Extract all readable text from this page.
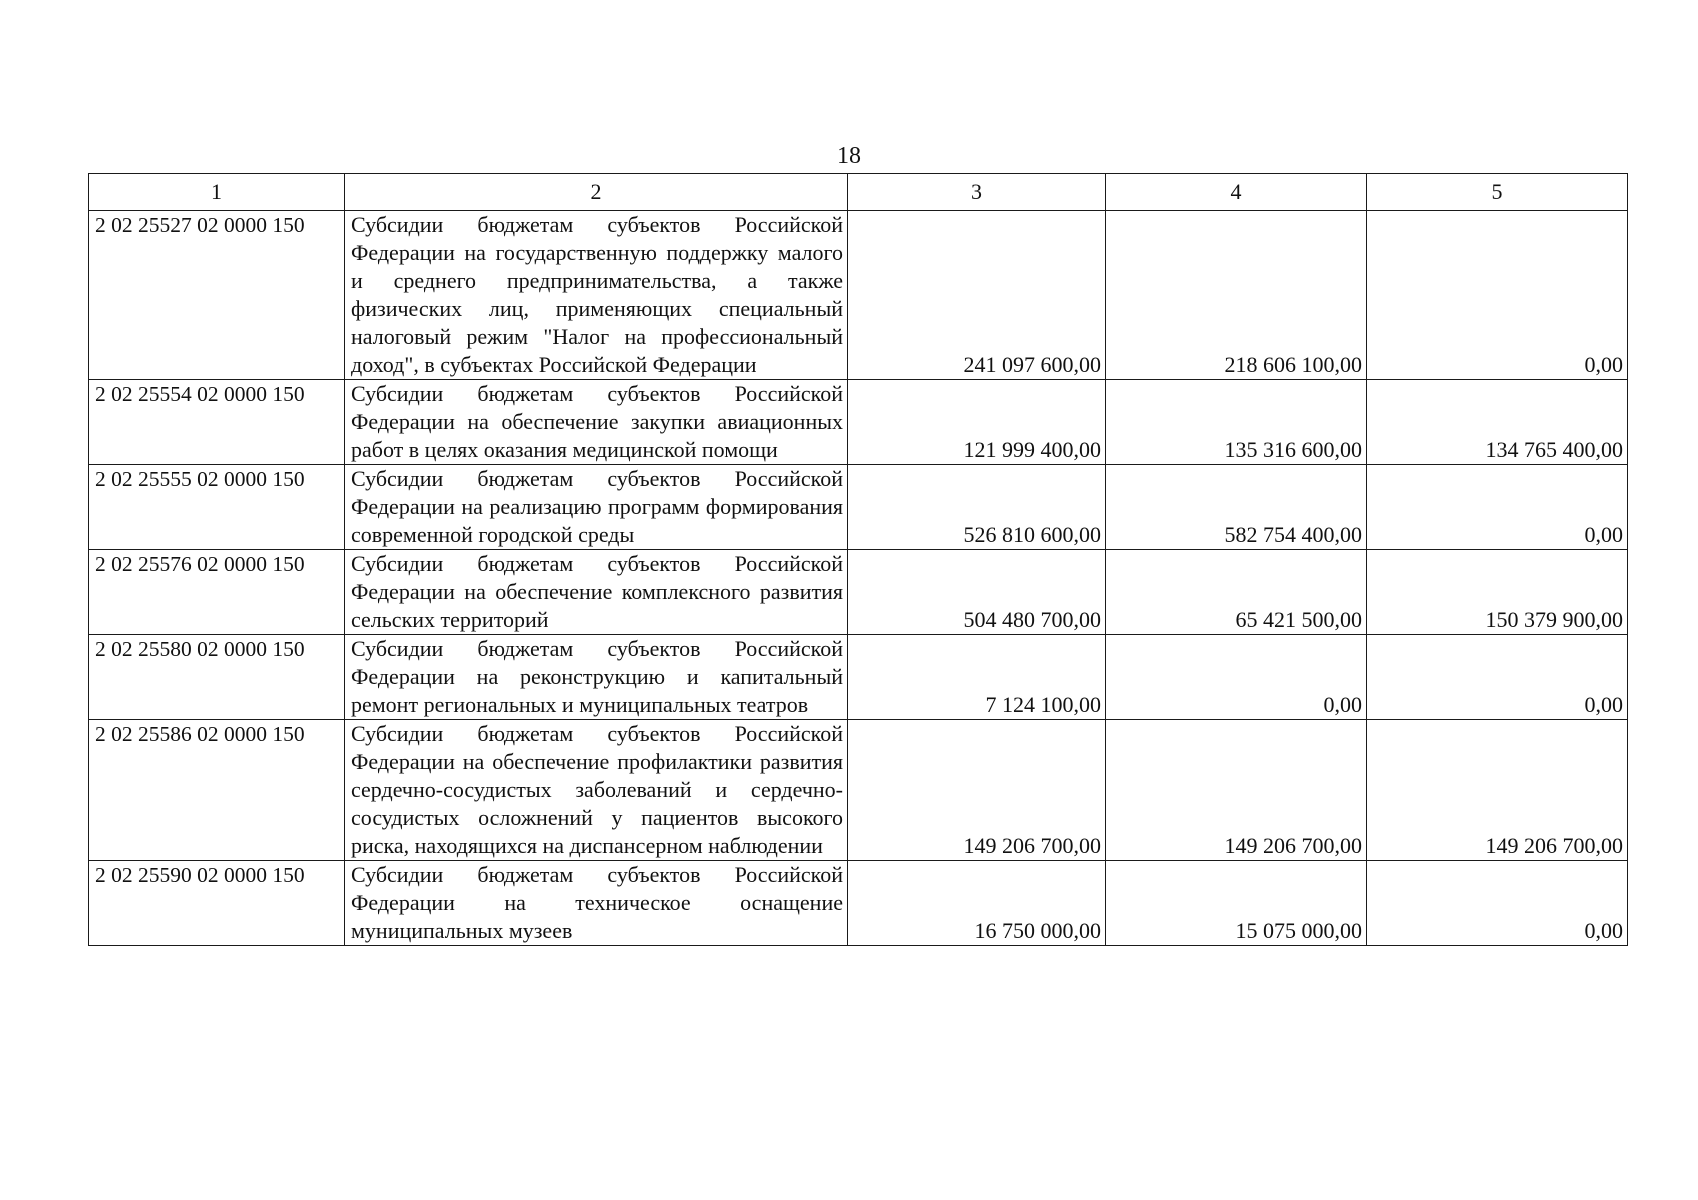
18
1	2	3	4	5
2 02 25527 02 0000 150	Субсидии бюджетам субъектов Российской Федерации на государственную поддержку малого и среднего предпринимательства, а также физических лиц, применяющих специальный налоговый режим "Налог на профессиональный доход", в субъектах Российской Федерации	241 097 600,00	218 606 100,00	0,00
2 02 25554 02 0000 150	Субсидии бюджетам субъектов Российской Федерации на обеспечение закупки авиационных работ в целях оказания медицинской помощи	121 999 400,00	135 316 600,00	134 765 400,00
2 02 25555 02 0000 150	Субсидии бюджетам субъектов Российской Федерации на реализацию программ формирования современной городской среды	526 810 600,00	582 754 400,00	0,00
2 02 25576 02 0000 150	Субсидии бюджетам субъектов Российской Федерации на обеспечение комплексного развития сельских территорий	504 480 700,00	65 421 500,00	150 379 900,00
2 02 25580 02 0000 150	Субсидии бюджетам субъектов Российской Федерации на реконструкцию и капитальный ремонт региональных и муниципальных театров	7 124 100,00	0,00	0,00
2 02 25586 02 0000 150	Субсидии бюджетам субъектов Российской Федерации на обеспечение профилактики развития сердечно-сосудистых заболеваний и сердечно-сосудистых осложнений у пациентов высокого риска, находящихся на диспансерном наблюдении	149 206 700,00	149 206 700,00	149 206 700,00
2 02 25590 02 0000 150	Субсидии бюджетам субъектов Российской Федерации на техническое оснащение муниципальных музеев	16 750 000,00	15 075 000,00	0,00
